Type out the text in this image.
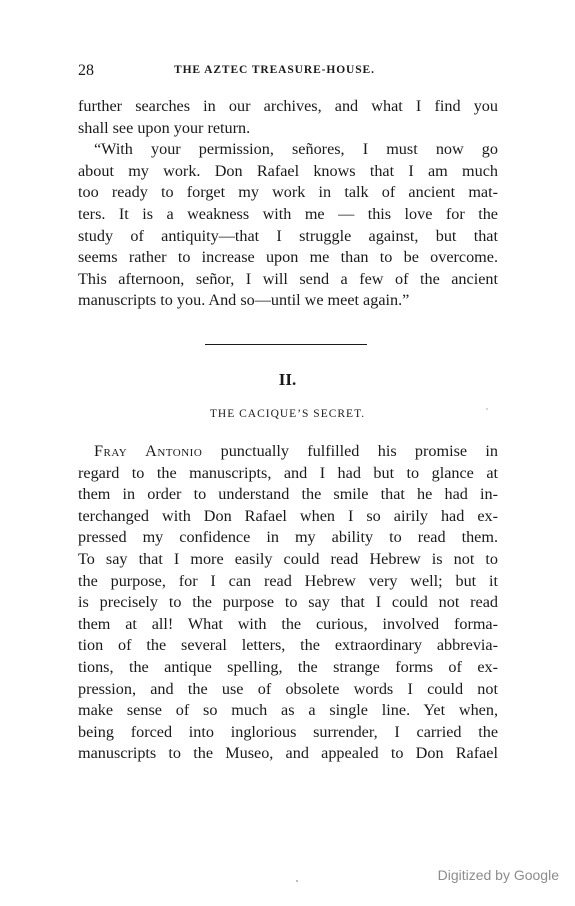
28	THE AZTEC TREASURE-HOUSE.
further searches in our archives, and what I find you
shall see upon your return.
“With your permission, señores, I must now go
about my work. Don Rafael knows that I am much
too ready to forget my work in talk of ancient mat-
ters. It is a weakness with me — this love for the
study of antiquity—that I struggle against, but that
seems rather to increase upon me than to be overcome.
This afternoon, señor, I will send a few of the ancient
manuscripts to you. And so—until we meet again.”
II.
THE CACIQUE’S SECRET.
Fray Antonio punctually fulfilled his promise in
regard to the manuscripts, and I had but to glance at
them in order to understand the smile that he had in-
terchanged with Don Rafael when I so airily had ex-
pressed my confidence in my ability to read them.
To say that I more easily could read Hebrew is not to
the purpose, for I can read Hebrew very well; but it
is precisely to the purpose to say that I could not read
them at all! What with the curious, involved forma-
tion of the several letters, the extraordinary abbrevia-
tions, the antique spelling, the strange forms of ex-
pression, and the use of obsolete words I could not
make sense of so much as a single line. Yet when,
being forced into inglorious surrender, I carried the
manuscripts to the Museo, and appealed to Don Rafael
Digitized by Google
